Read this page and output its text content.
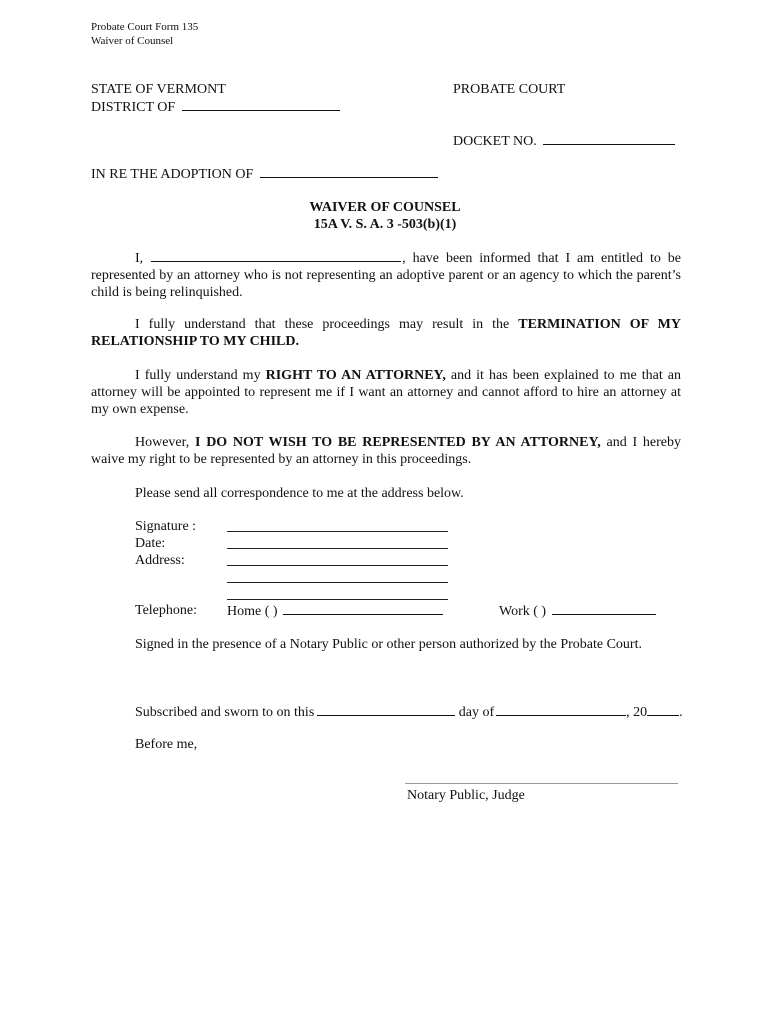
Probate Court Form 135
Waiver of Counsel
STATE OF VERMONT	PROBATE COURT
DISTRICT OF
DOCKET NO.
IN RE THE ADOPTION OF
WAIVER OF COUNSEL
15A V. S. A. 3 -503(b)(1)

I,	, have been informed that I am entitled to be represented by an attorney who is not representing an adoptive parent or an agency to which the parent’s child is being relinquished.

I fully understand that these proceedings may result in the TERMINATION OF MY RELATIONSHIP TO MY CHILD.

I fully understand my RIGHT TO AN ATTORNEY, and it has been explained to me that an attorney will be appointed to represent me if I want an attorney and cannot afford to hire an attorney at my own expense.

However, I DO NOT WISH TO BE REPRESENTED BY AN ATTORNEY, and I hereby waive my right to be represented by an attorney in this proceedings.

Please send all correspondence to me at the address below.
Signature :
Date:
Address:
Telephone: Home ( )	Work ( )
Signed in the presence of a Notary Public or other person authorized by the Probate Court.
Subscribed and sworn to on this	day of	, 20 .
Before me,
Notary Public, Judge
